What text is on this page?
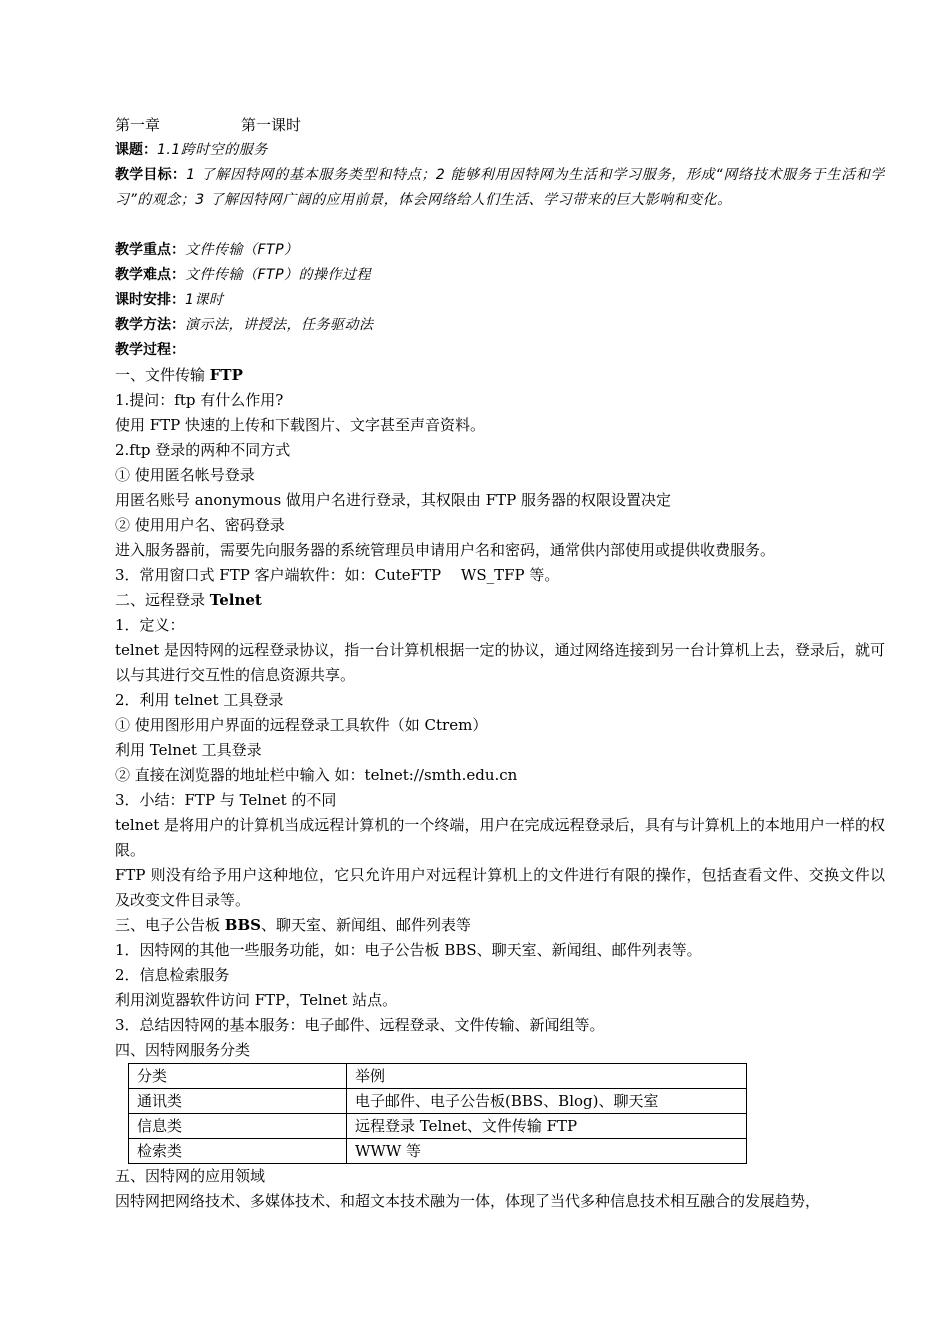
第一章	第一课时
课题：1.1跨时空的服务
教学目标：1 了解因特网的基本服务类型和特点；2 能够利用因特网为生活和学习服务，形成“网络技术服务于生活和学习”的观念；3 了解因特网广阔的应用前景，体会网络给人们生活、学习带来的巨大影响和变化。
教学重点：文件传输（FTP）
教学难点：文件传输（FTP）的操作过程
课时安排：1课时
教学方法：演示法，讲授法，任务驱动法
教学过程：
一、文件传输 FTP
1.提问：ftp 有什么作用?
使用 FTP 快速的上传和下载图片、文字甚至声音资料。
2.ftp 登录的两种不同方式
① 使用匿名帐号登录
用匿名账号 anonymous 做用户名进行登录，其权限由 FTP 服务器的权限设置决定
② 使用用户名、密码登录
进入服务器前，需要先向服务器的系统管理员申请用户名和密码，通常供内部使用或提供收费服务。
3．常用窗口式 FTP 客户端软件：如：CuteFTP　 WS_TFP 等。
二、远程登录 Telnet
1．定义：
telnet 是因特网的远程登录协议，指一台计算机根据一定的协议，通过网络连接到另一台计算机上去，登录后，就可以与其进行交互性的信息资源共享。
2．利用 telnet 工具登录
① 使用图形用户界面的远程登录工具软件（如 Ctrem）
利用 Telnet 工具登录
② 直接在浏览器的地址栏中输入 如：telnet://smth.edu.cn
3．小结：FTP 与 Telnet 的不同
telnet 是将用户的计算机当成远程计算机的一个终端，用户在完成远程登录后，具有与计算机上的本地用户一样的权限。
FTP 则没有给予用户这种地位，它只允许用户对远程计算机上的文件进行有限的操作，包括查看文件、交换文件以及改变文件目录等。
三、电子公告板 BBS、聊天室、新闻组、邮件列表等
1．因特网的其他一些服务功能，如：电子公告板 BBS、聊天室、新闻组、邮件列表等。
2．信息检索服务
利用浏览器软件访问 FTP，Telnet 站点。
3．总结因特网的基本服务：电子邮件、远程登录、文件传输、新闻组等。
四、因特网服务分类
分类	举例
通讯类	电子邮件、电子公告板(BBS、Blog)、聊天室
信息类	远程登录 Telnet、文件传输 FTP
检索类	WWW 等
五、因特网的应用领域
因特网把网络技术、多媒体技术、和超文本技术融为一体，体现了当代多种信息技术相互融合的发展趋势，
